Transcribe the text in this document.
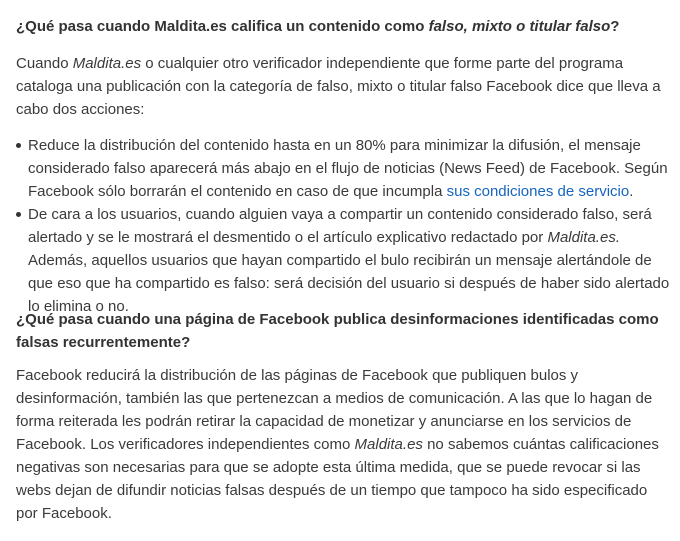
¿Qué pasa cuando Maldita.es califica un contenido como falso, mixto o titular falso?

Cuando Maldita.es o cualquier otro verificador independiente que forme parte del programa cataloga una publicación con la categoría de falso, mixto o titular falso Facebook dice que lleva a cabo dos acciones:

Reduce la distribución del contenido hasta en un 80% para minimizar la difusión, el mensaje considerado falso aparecerá más abajo en el flujo de noticias (News Feed) de Facebook. Según Facebook sólo borrarán el contenido en caso de que incumpla sus condiciones de servicio.
De cara a los usuarios, cuando alguien vaya a compartir un contenido considerado falso, será alertado y se le mostrará el desmentido o el artículo explicativo redactado por Maldita.es. Además, aquellos usuarios que hayan compartido el bulo recibirán un mensaje alertándole de que eso que ha compartido es falso: será decisión del usuario si después de haber sido alertado lo elimina o no.
¿Qué pasa cuando una página de Facebook publica desinformaciones identificadas como falsas recurrentemente?

Facebook reducirá la distribución de las páginas de Facebook que publiquen bulos y desinformación, también las que pertenezcan a medios de comunicación. A las que lo hagan de forma reiterada les podrán retirar la capacidad de monetizar y anunciarse en los servicios de Facebook. Los verificadores independientes como Maldita.es no sabemos cuántas calificaciones negativas son necesarias para que se adopte esta última medida, que se puede revocar si las webs dejan de difundir noticias falsas después de un tiempo que tampoco ha sido especificado por Facebook.
